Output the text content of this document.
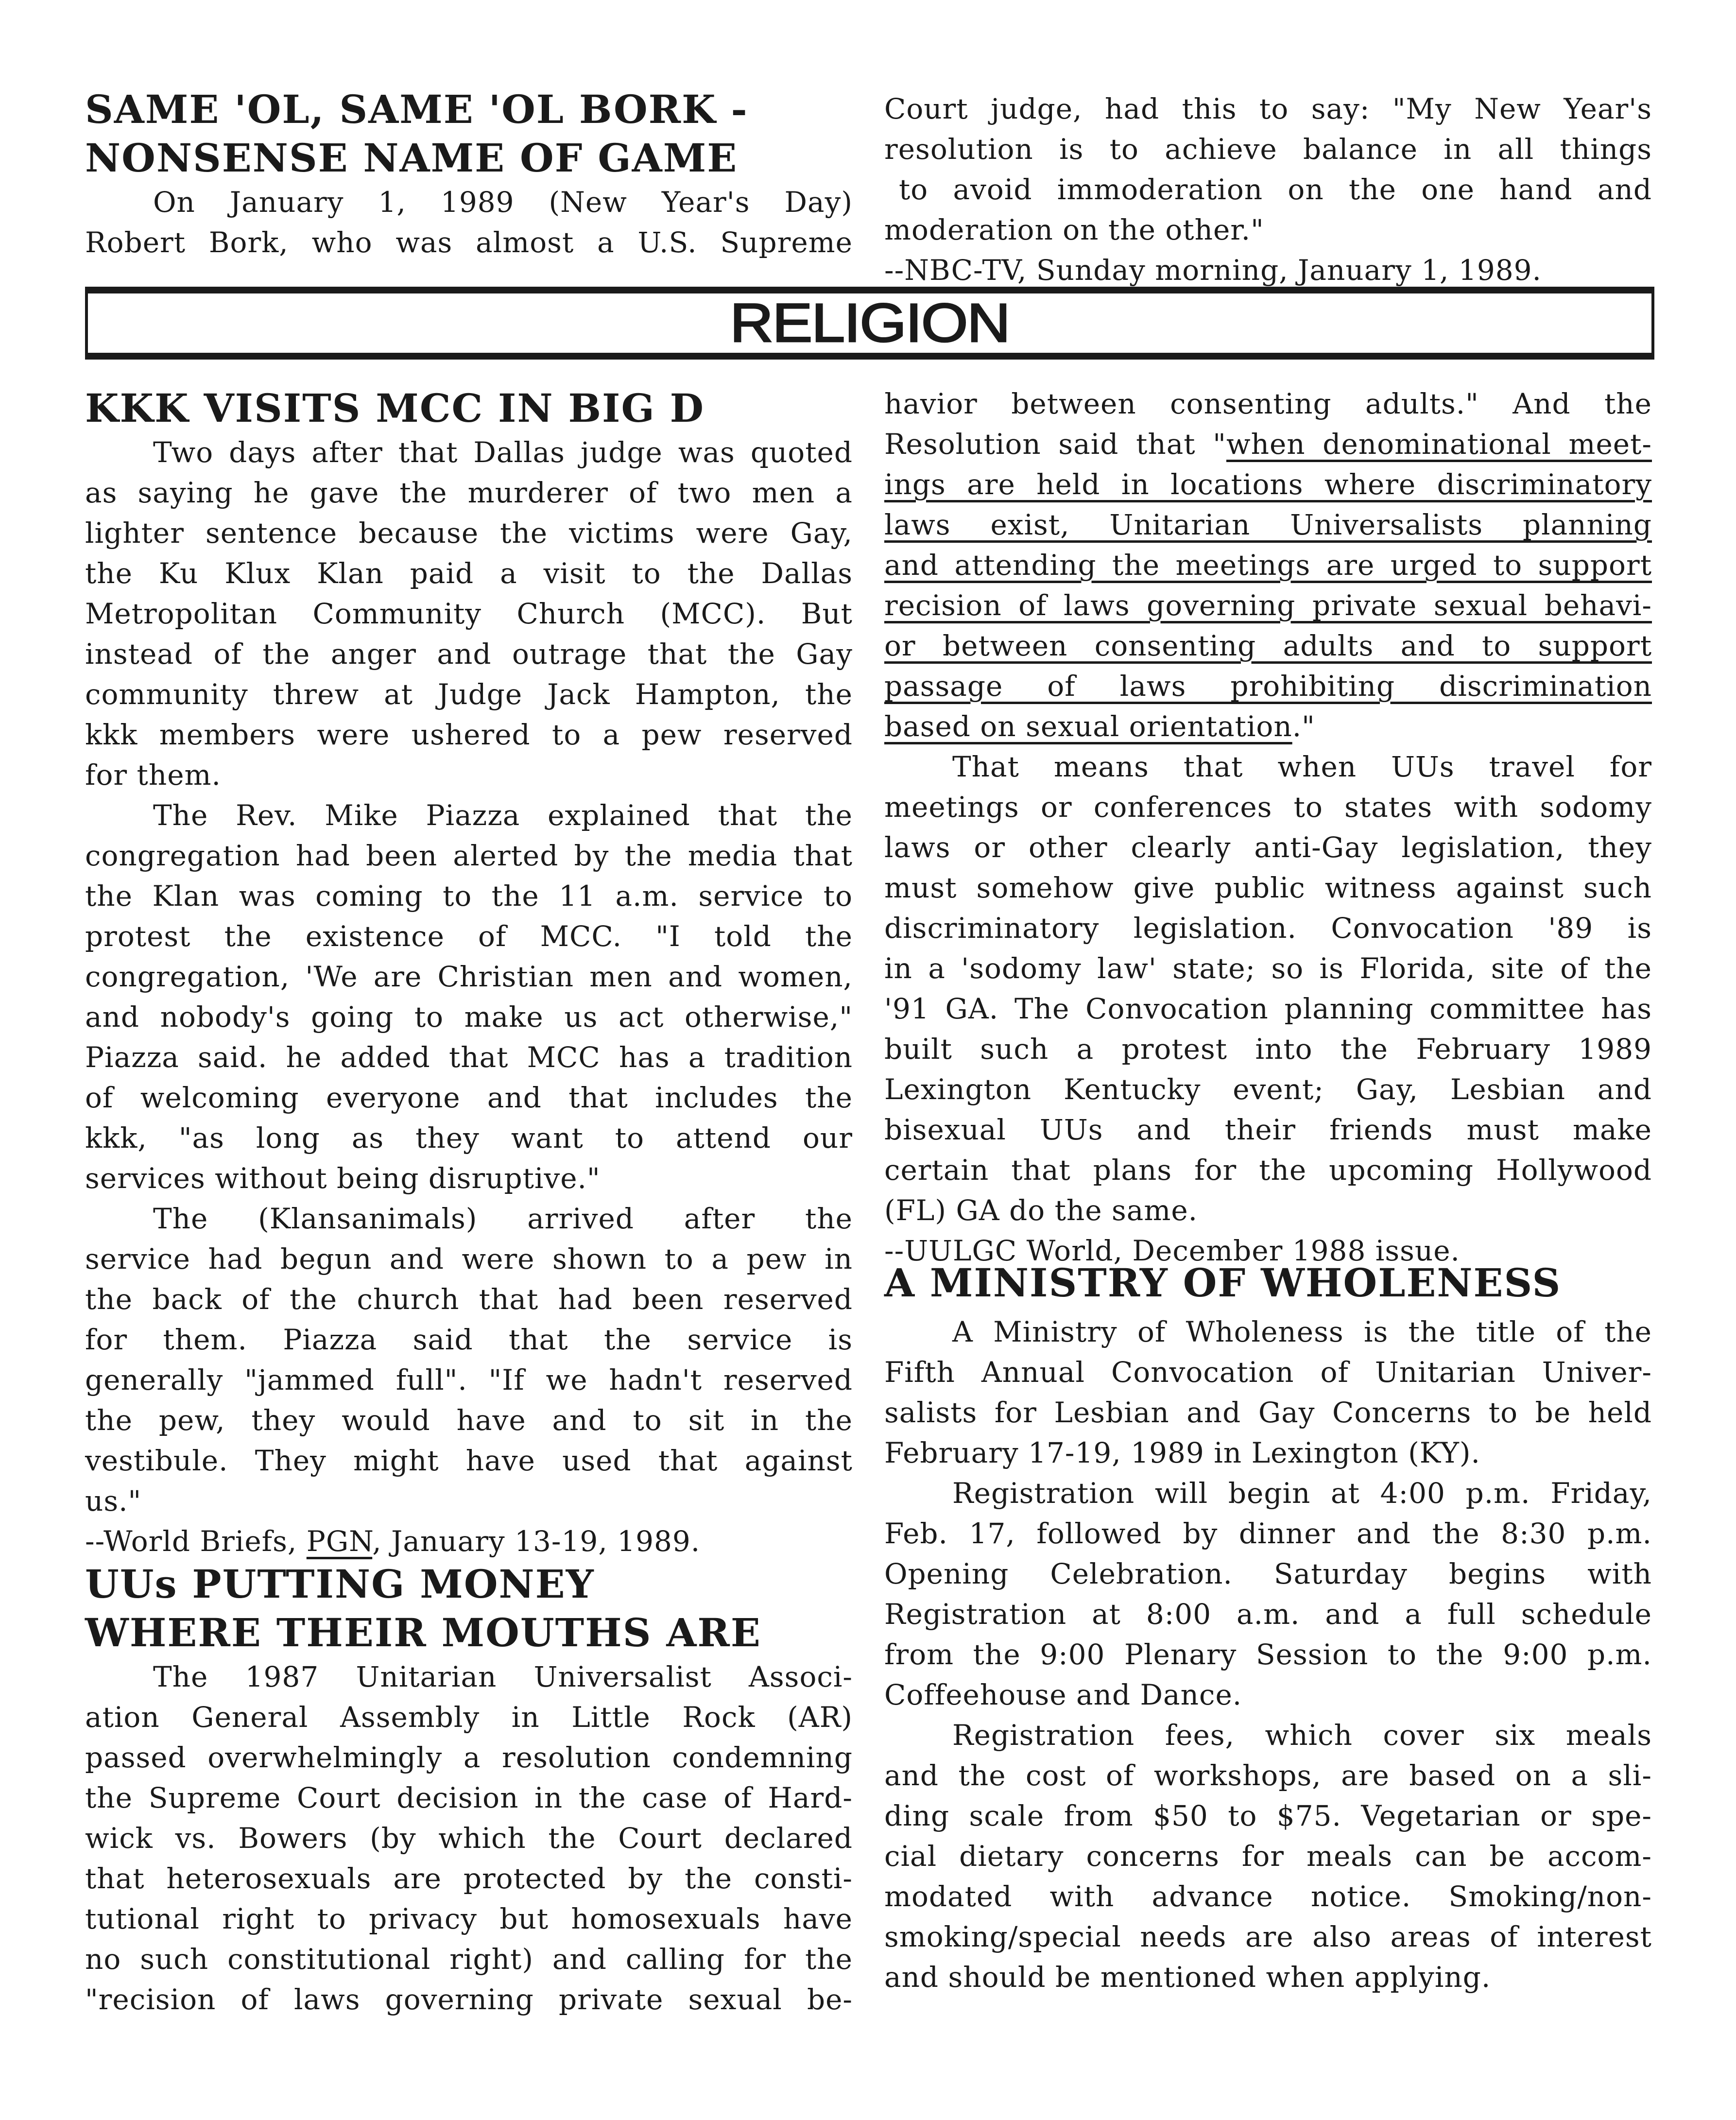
SAME 'OL, SAME 'OL BORK -
NONSENSE NAME OF GAME
On January 1, 1989 (New Year's Day)
Robert Bork, who was almost a U.S. Supreme
Court judge, had this to say: "My New Year's
resolution is to achieve balance in all things
to avoid immoderation on the one hand and
moderation on the other."
--NBC-TV, Sunday morning, January 1, 1989.
RELIGION
KKK VISITS MCC IN BIG D
Two days after that Dallas judge was quoted
as saying he gave the murderer of two men a
lighter sentence because the victims were Gay,
the Ku Klux Klan paid a visit to the Dallas
Metropolitan Community Church (MCC). But
instead of the anger and outrage that the Gay
community threw at Judge Jack Hampton, the
kkk members were ushered to a pew reserved
for them.
The Rev. Mike Piazza explained that the
congregation had been alerted by the media that
the Klan was coming to the 11 a.m. service to
protest the existence of MCC. "I told the
congregation, 'We are Christian men and women,
and nobody's going to make us act otherwise,"
Piazza said. he added that MCC has a tradition
of welcoming everyone and that includes the
kkk, "as long as they want to attend our
services without being disruptive."
The (Klansanimals) arrived after the
service had begun and were shown to a pew in
the back of the church that had been reserved
for them. Piazza said that the service is
generally "jammed full". "If we hadn't reserved
the pew, they would have and to sit in the
vestibule. They might have used that against
us."
--World Briefs, PGN, January 13-19, 1989.
UUs PUTTING MONEY
WHERE THEIR MOUTHS ARE
The 1987 Unitarian Universalist Associ-
ation General Assembly in Little Rock (AR)
passed overwhelmingly a resolution condemning
the Supreme Court decision in the case of Hard-
wick vs. Bowers (by which the Court declared
that heterosexuals are protected by the consti-
tutional right to privacy but homosexuals have
no such constitutional right) and calling for the
"recision of laws governing private sexual be-
havior between consenting adults." And the
Resolution said that "when denominational meet-
ings are held in locations where discriminatory
laws exist, Unitarian Universalists planning
and attending the meetings are urged to support
recision of laws governing private sexual behavi-
or between consenting adults and to support
passage of laws prohibiting discrimination
based on sexual orientation."
That means that when UUs travel for
meetings or conferences to states with sodomy
laws or other clearly anti-Gay legislation, they
must somehow give public witness against such
discriminatory legislation. Convocation '89 is
in a 'sodomy law' state; so is Florida, site of the
'91 GA. The Convocation planning committee has
built such a protest into the February 1989
Lexington Kentucky event; Gay, Lesbian and
bisexual UUs and their friends must make
certain that plans for the upcoming Hollywood
(FL) GA do the same.
--UULGC World, December 1988 issue.
A MINISTRY OF WHOLENESS
A Ministry of Wholeness is the title of the
Fifth Annual Convocation of Unitarian Univer-
salists for Lesbian and Gay Concerns to be held
February 17-19, 1989 in Lexington (KY).
Registration will begin at 4:00 p.m. Friday,
Feb. 17, followed by dinner and the 8:30 p.m.
Opening Celebration. Saturday begins with
Registration at 8:00 a.m. and a full schedule
from the 9:00 Plenary Session to the 9:00 p.m.
Coffeehouse and Dance.
Registration fees, which cover six meals
and the cost of workshops, are based on a sli-
ding scale from $50 to $75. Vegetarian or spe-
cial dietary concerns for meals can be accom-
modated with advance notice. Smoking/non-
smoking/special needs are also areas of interest
and should be mentioned when applying.
